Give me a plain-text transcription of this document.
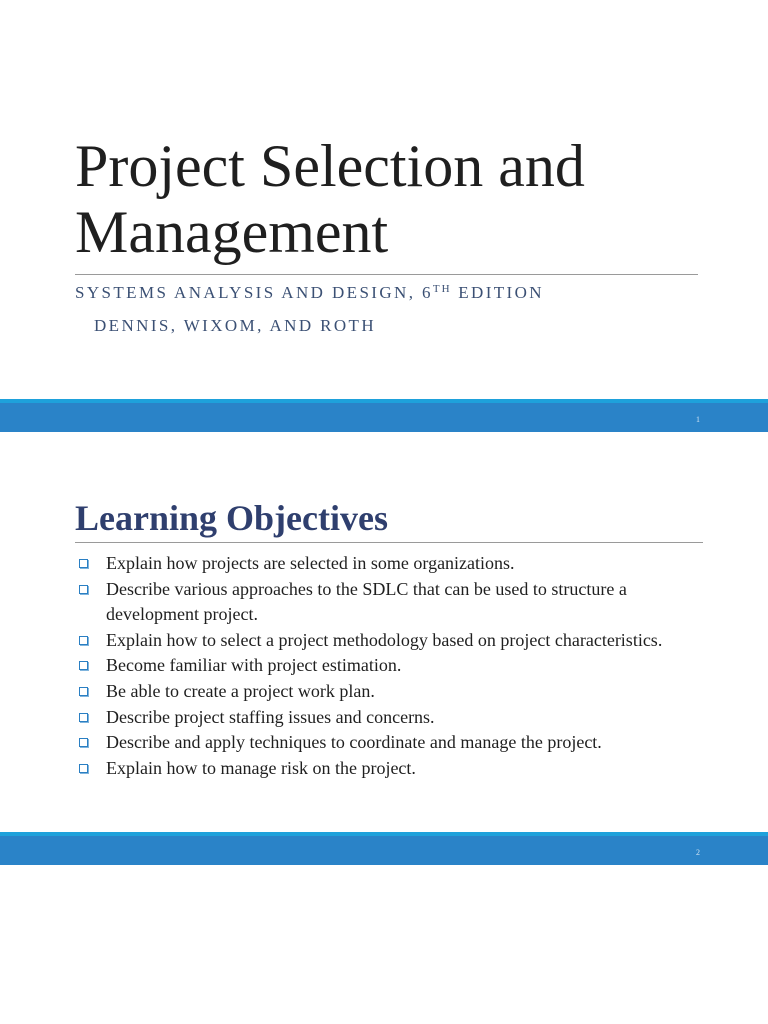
Project Selection and
Management
SYSTEMS ANALYSIS AND DESIGN, 6TH EDITION
DENNIS, WIXOM, AND ROTH
1
Learning Objectives
Explain how projects are selected in some organizations.
Describe various approaches to the SDLC that can be used to structure a development project.
Explain how to select a project methodology based on project characteristics.
Become familiar with project estimation.
Be able to create a project work plan.
Describe project staffing issues and concerns.
Describe and apply techniques to coordinate and manage the project.
Explain how to manage risk on the project.
2
